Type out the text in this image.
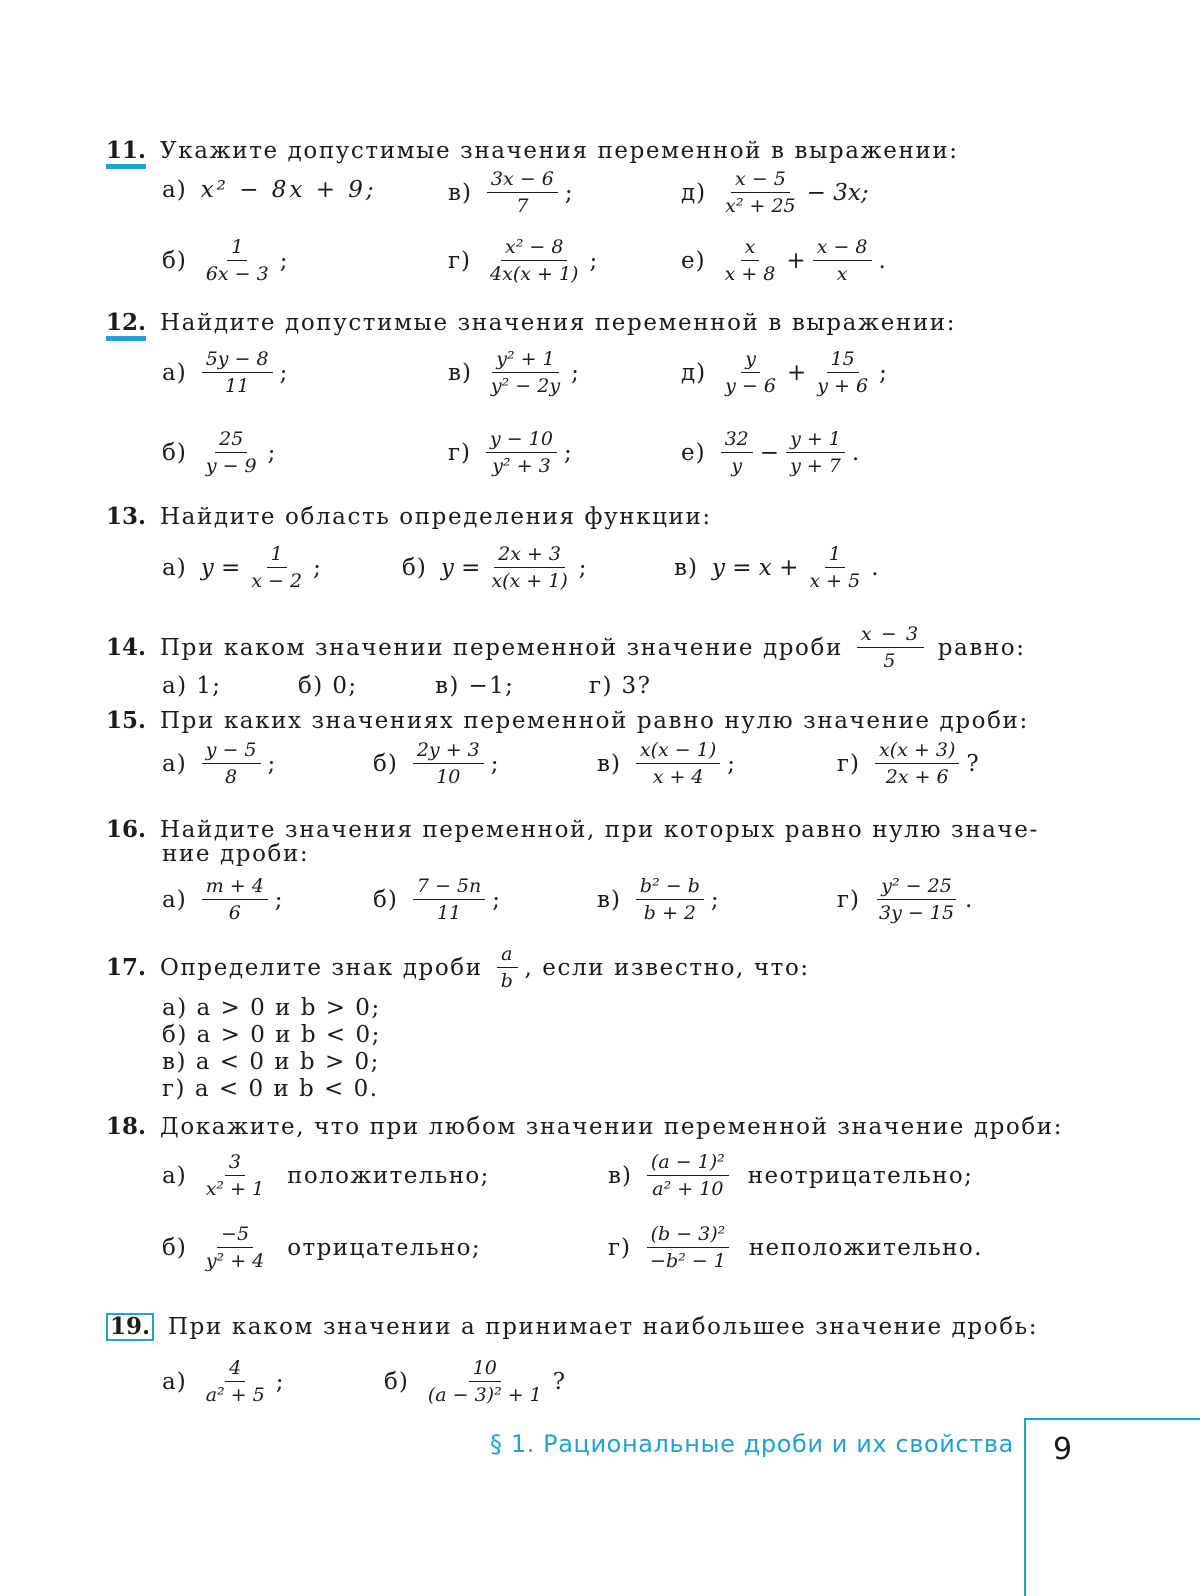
11. Укажите допустимые значения переменной в выражении:
а) x² − 8x + 9;	$в) \frac{3x - 6}{7}$ ;	$д) \frac{x - 5}{\text{x² + 25}} - 3x$;
$б) \frac{1}{6x - 3}$ ;	$г) \frac{\text{x² − 8}}{4x(x + 1)}$ ;	$е) \frac{x}{x + 8} + \frac{x - 8}{x}$ .
12. Найдите допустимые значения переменной в выражении:
$а) \frac{5y - 8}{11}$ ;	$в) \frac{\text{y² + 1}}{\text{y² − 2y}}$ ;	$д) \frac{y}{y - 6} + \frac{15}{y + 6}$ ;
$б) \frac{25}{y - 9}$ ;	$г) \frac{y - 10}{\text{y² + 3}}$ ;	$е) \frac{32}{y} - \frac{y + 1}{y + 7}$ .
13. Найдите область определения функции:
а) $y = \frac{1}{x - 2}$ ;	б) $y = \frac{2x + 3}{x(x + 1)}$ ;	в) $y = x + \frac{1}{x + 5}$ .
14. При каком значении переменной значение дроби $\frac{x - 3}{5}$ равно:
а) 1;	б) 0;	в) −1;	г) 3?
15. При каких значениях переменной равно нулю значение дроби:
$а) \frac{y - 5}{8}$ ;	$б) \frac{2y + 3}{10}$ ;	$в) \frac{x(x - 1)}{x + 4}$ ;	$г) \frac{x(x + 3)}{2x + 6}$ ?
16. Найдите значения переменной, при которых равно нулю значе-
ние дроби:
$а) \frac{m + 4}{6}$ ;	$б) \frac{7 - 5n}{11}$ ;	$в) \frac{\text{b² − b}}{b + 2}$ ;	$г) \frac{\text{y² − 25}}{3y - 15}$ .
17. Определите знак дроби $\frac{a}{b}$ , если известно, что:
а) a > 0 и b > 0;
б) a > 0 и b < 0;
в) a < 0 и b > 0;
г) a < 0 и b < 0.
18. Докажите, что при любом значении переменной значение дроби:
$а) \frac{3}{\text{x² + 1}}$ положительно;	$в) \frac{\text{(a − 1)²}}{\text{a² + 10}}$ неотрицательно;
$б) \frac{-5}{\text{y² + 4}}$ отрицательно;	$г) \frac{\text{(b − 3)²}}{\text{−b² − 1}}$ неположительно.
19. При каком значении a принимает наибольшее значение дробь:
$а) \frac{4}{\text{a² + 5}}$ ;	$б) \frac{10}{\text{(a − 3)² + 1}}$ ?
§ 1. Рациональные дроби и их свойства 9
